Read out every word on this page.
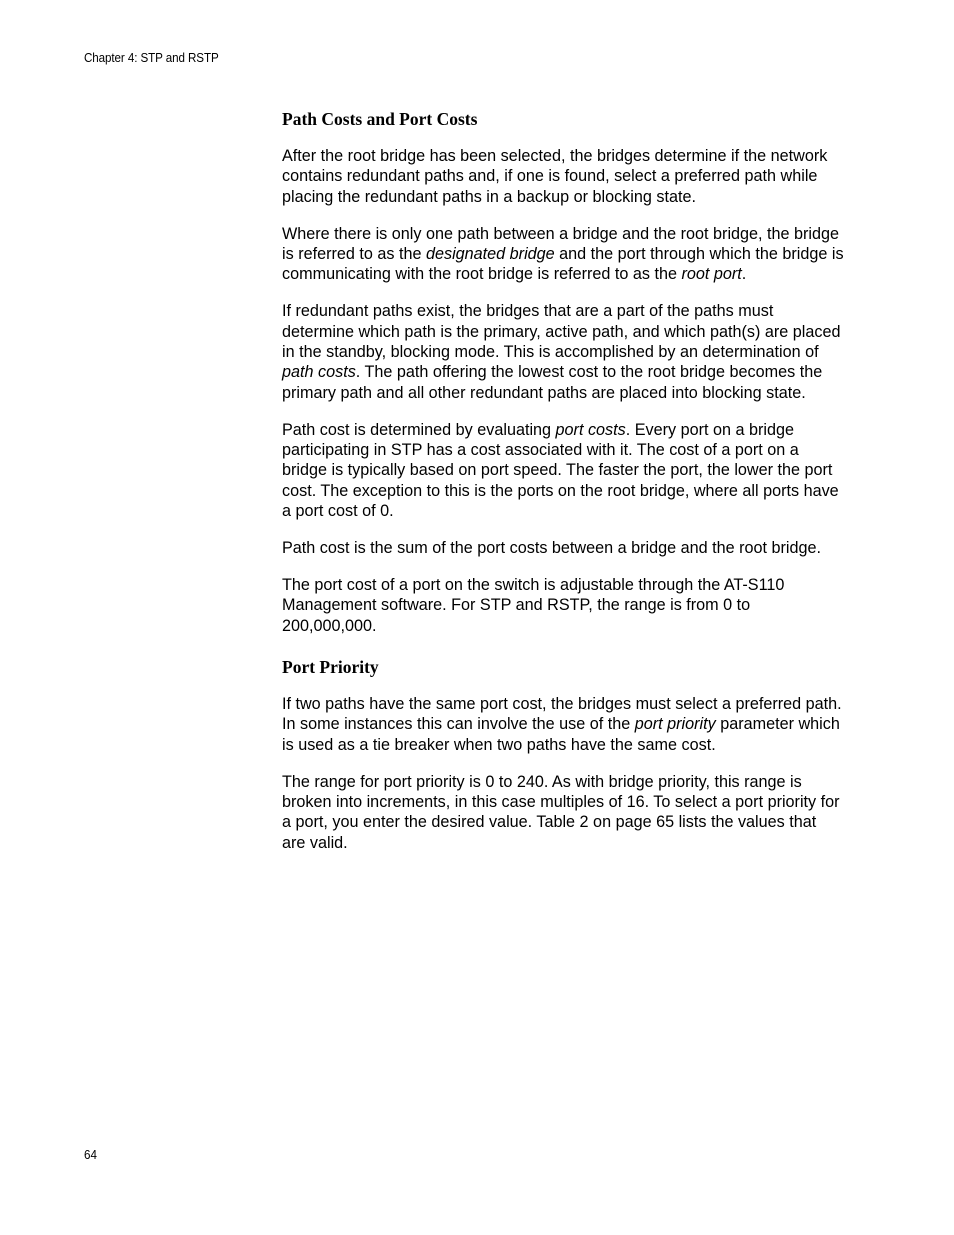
Chapter 4: STP and RSTP
Path Costs and Port Costs

After the root bridge has been selected, the bridges determine if the network contains redundant paths and, if one is found, select a preferred path while placing the redundant paths in a backup or blocking state.

Where there is only one path between a bridge and the root bridge, the bridge is referred to as the designated bridge and the port through which the bridge is communicating with the root bridge is referred to as the root port.

If redundant paths exist, the bridges that are a part of the paths must determine which path is the primary, active path, and which path(s) are placed in the standby, blocking mode. This is accomplished by an determination of path costs. The path offering the lowest cost to the root bridge becomes the primary path and all other redundant paths are placed into blocking state.

Path cost is determined by evaluating port costs. Every port on a bridge participating in STP has a cost associated with it. The cost of a port on a bridge is typically based on port speed. The faster the port, the lower the port cost. The exception to this is the ports on the root bridge, where all ports have a port cost of 0.

Path cost is the sum of the port costs between a bridge and the root bridge.

The port cost of a port on the switch is adjustable through the AT-S110 Management software. For STP and RSTP, the range is from 0 to 200,000,000.

Port Priority

If two paths have the same port cost, the bridges must select a preferred path. In some instances this can involve the use of the port priority parameter which is used as a tie breaker when two paths have the same cost.

The range for port priority is 0 to 240. As with bridge priority, this range is broken into increments, in this case multiples of 16. To select a port priority for a port, you enter the desired value. Table 2 on page 65 lists the values that are valid.

64
